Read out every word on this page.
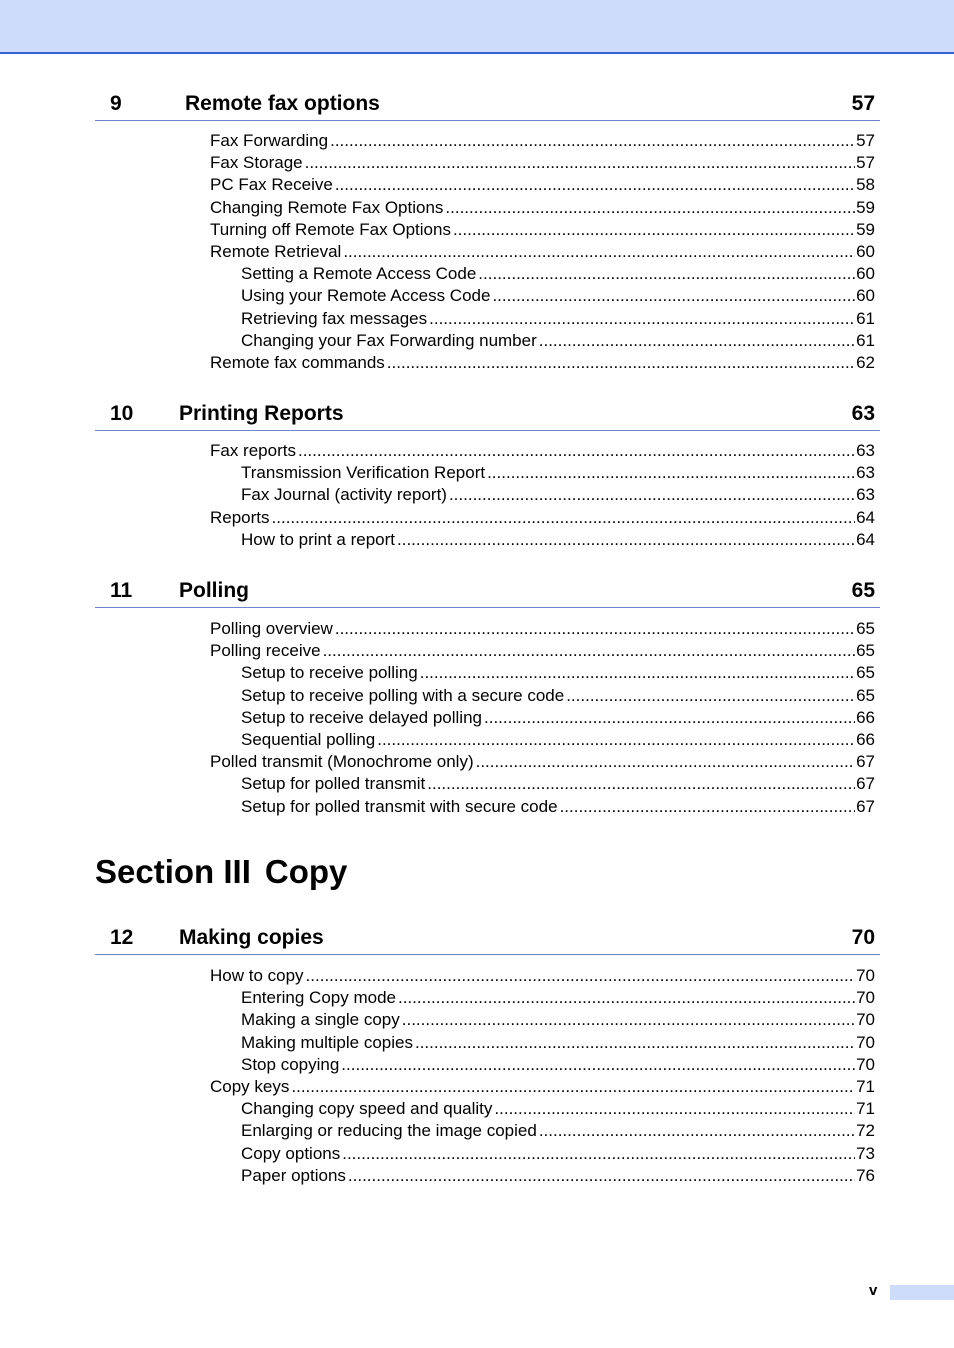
9	Remote fax options	57
Fax Forwarding .....	57
Fax Storage .....	57
PC Fax Receive .....	58
Changing Remote Fax Options .....	59
Turning off Remote Fax Options .....	59
Remote Retrieval .....	60
Setting a Remote Access Code .....	60
Using your Remote Access Code .....	60
Retrieving fax messages .....	61
Changing your Fax Forwarding number .....	61
Remote fax commands .....	62
10 Printing Reports	63
Fax reports .....	63
Transmission Verification Report .....	63
Fax Journal (activity report) .....	63
Reports .....	64
How to print a report .....	64
11 Polling	65
Polling overview .....	65
Polling receive .....	65
Setup to receive polling .....	65
Setup to receive polling with a secure code .....	65
Setup to receive delayed polling .....	66
Sequential polling .....	66
Polled transmit (Monochrome only) .....	67
Setup for polled transmit .....	67
Setup for polled transmit with secure code .....	67
Section III Copy
12 Making copies	70
How to copy .....	70
Entering Copy mode .....	70
Making a single copy .....	70
Making multiple copies .....	70
Stop copying .....	70
Copy keys .....	71
Changing copy speed and quality .....	71
Enlarging or reducing the image copied .....	72
Copy options .....	73
Paper options .....	76
v
